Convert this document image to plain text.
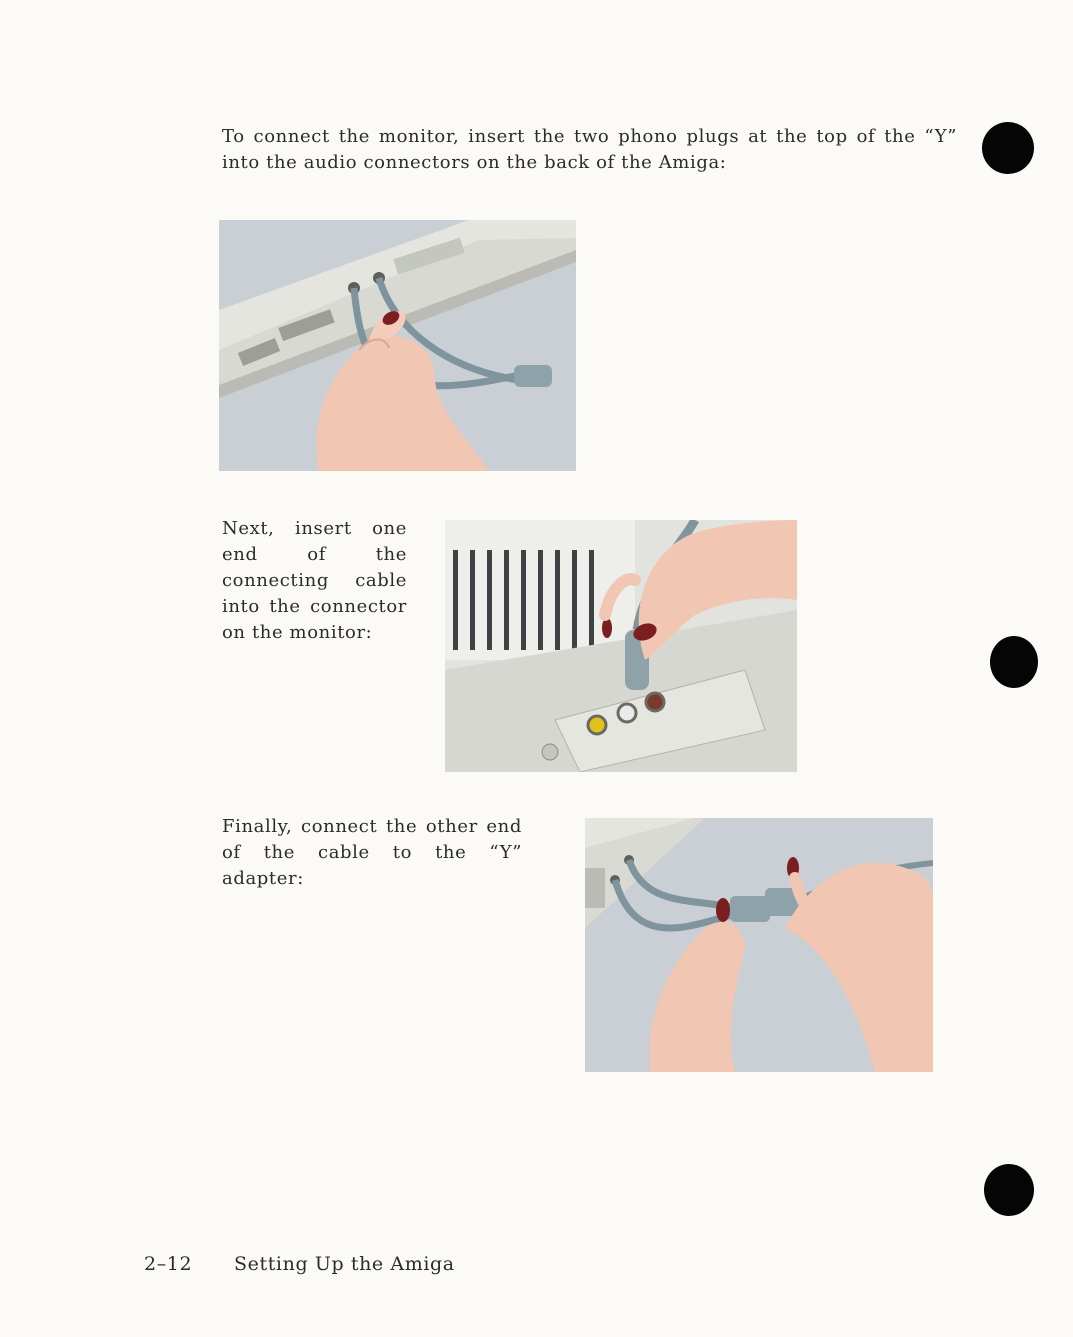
To connect the monitor, insert the two phono plugs at the top of the “Y” into the audio connectors on the back of the Amiga:

Next, insert one end of the connecting cable into the connector on the monitor:

Finally, connect the other end of the cable to the “Y” adapter:

2–12 Setting Up the Amiga
